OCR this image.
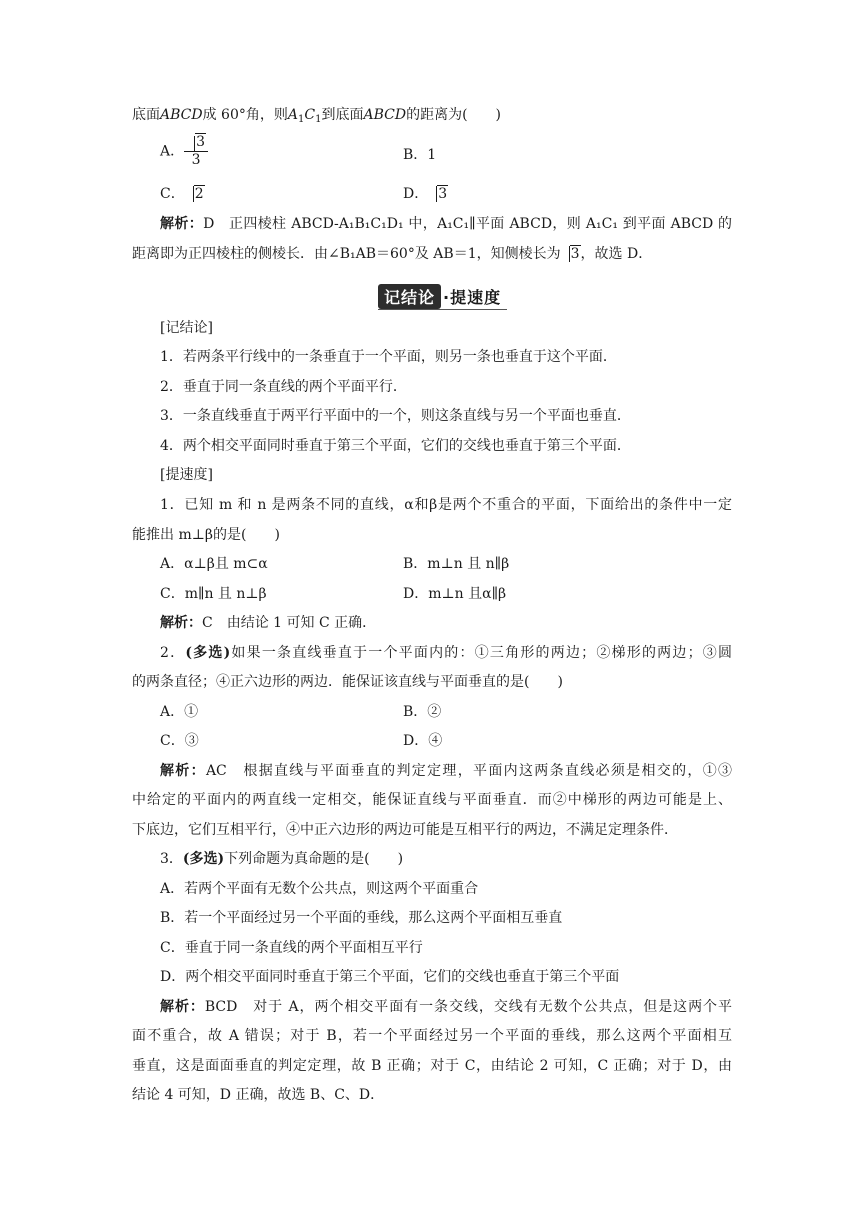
底面ABCD成 60°角，则$A_1C_1$到底面ABCD的距离为(　　)
A． $\frac{3}{3}$	B．1
C． 2	D． 3
解析：D　 正四棱柱 ABCD-A₁B₁C₁D₁ 中，A₁C₁∥平面 ABCD，则 A₁C₁ 到平面 ABCD 的
距离即为正四棱柱的侧棱长．由∠B₁AB＝60°及 AB＝1，知侧棱长为 3，故选 D．
记结论 ·提速度
[记结论]
1．若两条平行线中的一条垂直于一个平面，则另一条也垂直于这个平面．
2．垂直于同一条直线的两个平面平行．
3．一条直线垂直于两平行平面中的一个，则这条直线与另一个平面也垂直．
4．两个相交平面同时垂直于第三个平面，它们的交线也垂直于第三个平面．
[提速度]
1．已知 m 和 n 是两条不同的直线，α和β是两个不重合的平面，下面给出的条件中一定
能推出 m⊥β的是(　　)
A．α⊥β且 m⊂α	B．m⊥n 且 n∥β
C．m∥n 且 n⊥β	D．m⊥n 且α∥β
解析：C　由结论 1 可知 C 正确．
2．(多选)如果一条直线垂直于一个平面内的：①三角形的两边；②梯形的两边；③圆
的两条直径；④正六边形的两边．能保证该直线与平面垂直的是(　　)
A．①	B．②
C．③	D．④
解析：AC　根据直线与平面垂直的判定定理，平面内这两条直线必须是相交的，①③
中给定的平面内的两直线一定相交，能保证直线与平面垂直．而②中梯形的两边可能是上、
下底边，它们互相平行，④中正六边形的两边可能是互相平行的两边，不满足定理条件．
3．(多选)下列命题为真命题的是(　　)
A．若两个平面有无数个公共点，则这两个平面重合
B．若一个平面经过另一个平面的垂线，那么这两个平面相互垂直
C．垂直于同一条直线的两个平面相互平行
D．两个相交平面同时垂直于第三个平面，它们的交线也垂直于第三个平面
解析：BCD　对于 A，两个相交平面有一条交线，交线有无数个公共点，但是这两个平
面不重合，故 A 错误；对于 B，若一个平面经过另一个平面的垂线，那么这两个平面相互
垂直，这是面面垂直的判定定理，故 B 正确；对于 C，由结论 2 可知，C 正确；对于 D，由
结论 4 可知，D 正确，故选 B、C、D．
